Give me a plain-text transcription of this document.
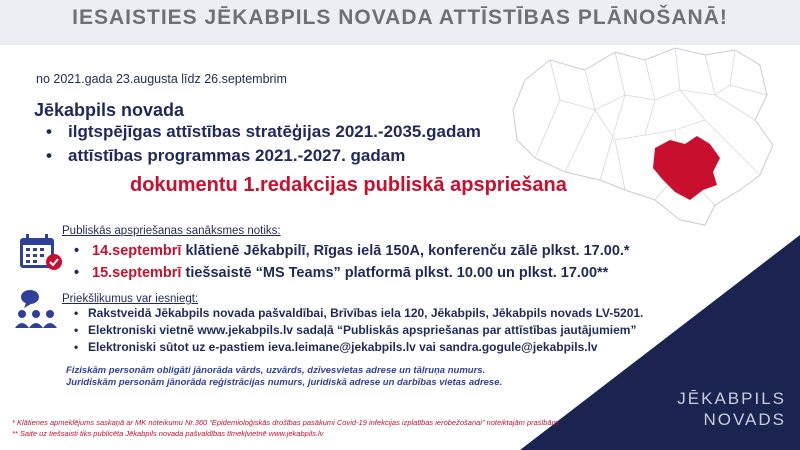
IESAISTIES JĒKABPILS NOVADA ATTĪSTĪBAS PLĀNOŠANĀ!
no 2021.gada 23.augusta līdz 26.septembrim
Jēkabpils novada
• ilgtspējīgas attīstības stratēģijas 2021.-2035.gadam
• attīstības programmas 2021.-2027. gadam
dokumentu 1.redakcijas publiskā apspriešana
Publiskās apspriešanas sanāksmes notiks:
• 14.septembrī klātienē Jēkabpilī, Rīgas ielā 150A, konferenču zālē plkst. 17.00.*
• 15.septembrī tiešsaistē “MS Teams” platformā plkst. 10.00 un plkst. 17.00**
Priekšlikumus var iesniegt:
• Rakstveidā Jēkabpils novada pašvaldībai, Brīvības iela 120, Jēkabpils, Jēkabpils novads LV-5201.
• Elektroniski vietnē www.jekabpils.lv sadaļā “Publiskās apspriešanas par attīstības jautājumiem”
• Elektroniski sūtot uz e-pastiem ieva.leimane@jekabpils.lv vai sandra.gogule@jekabpils.lv
Fiziskām personām obligāti jānorāda vārds, uzvārds, dzīvesvietas adrese un tālruņa numurs.
Juridiskām personām jānorāda reģistrācijas numurs, juridiskā adrese un darbības vietas adrese.
* Klātienes apmeklējums saskaņā ar MK noteikumu Nr.360 “Epidemioloģiskās drošības pasākumi Covid-19 infekcijas izplatības ierobežošanai” noteiktajām prasībām.
** Saite uz tiešsaisti tiks publicēta Jēkabpils novada pašvaldības tīmekļvietnē www.jekabpils.lv
JĒKABPILS
NOVADS
